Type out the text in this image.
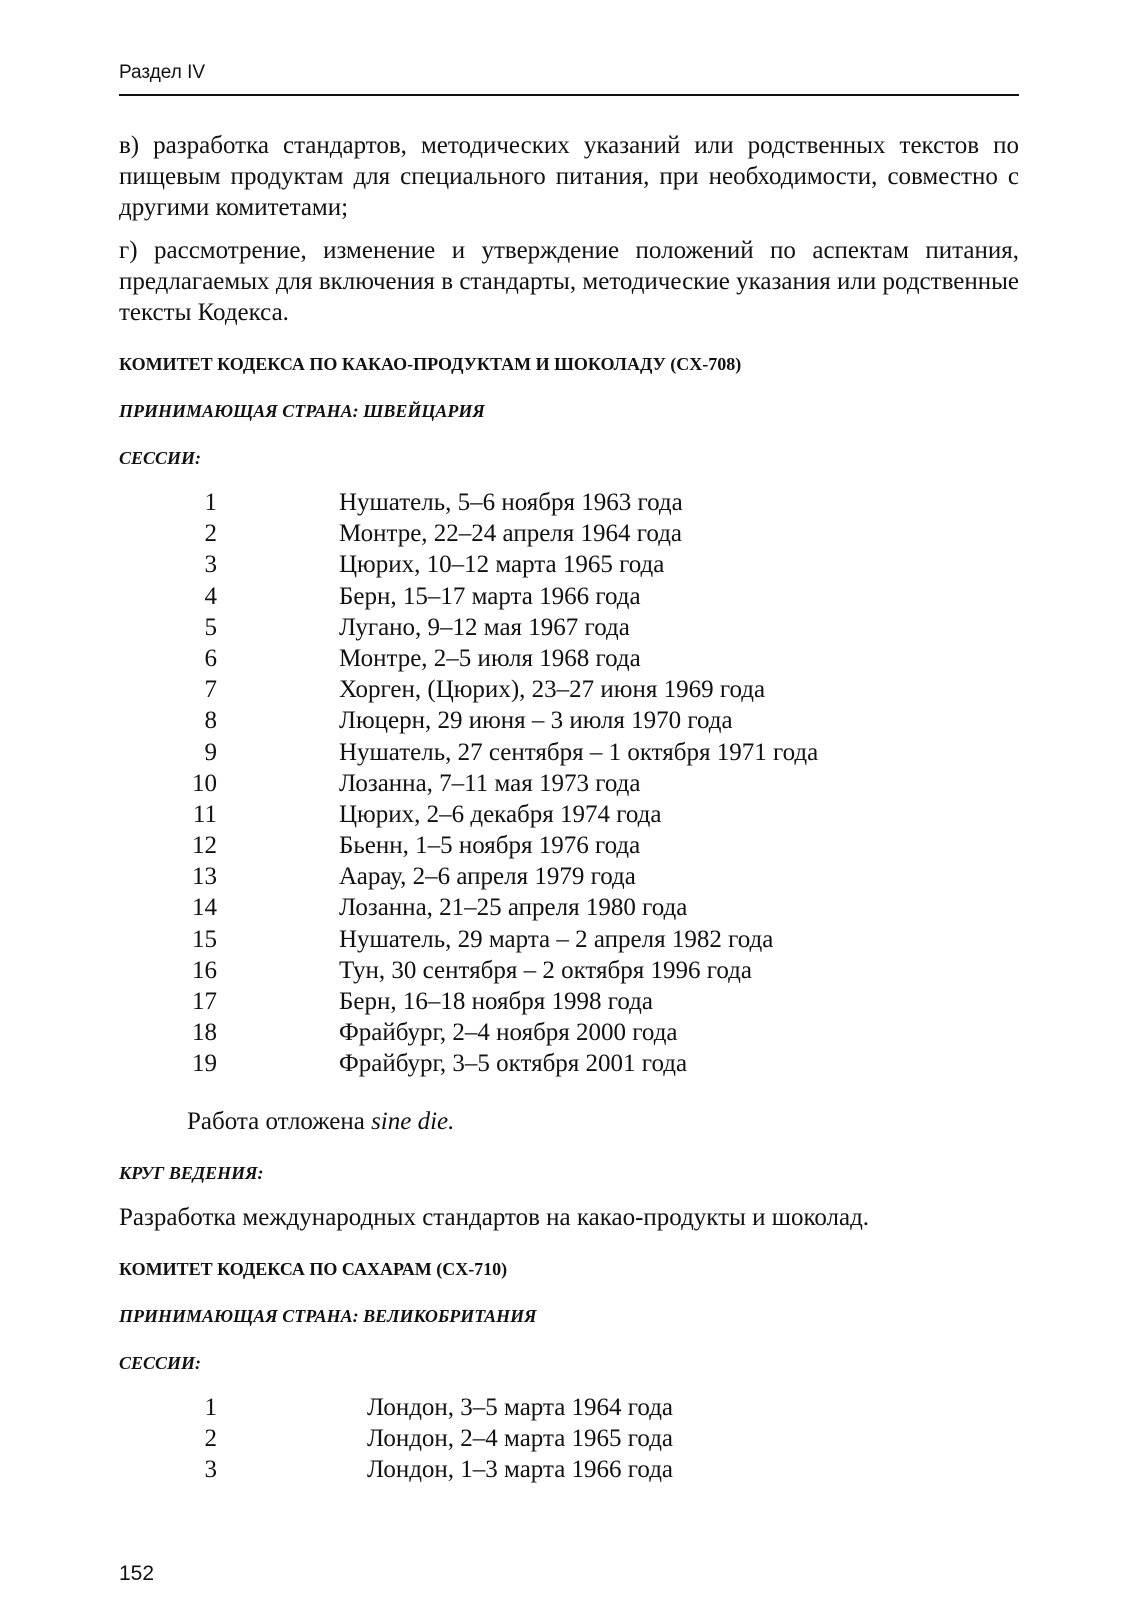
Раздел IV

в) разработка стандартов, методических указаний или родственных текстов по пищевым продуктам для специального питания, при необходимости, совместно с другими комитетами;

г) рассмотрение, изменение и утверждение положений по аспектам питания, предлагаемых для включения в стандарты, методические указания или родственные тексты Кодекса.

КОМИТЕТ КОДЕКСА ПО КАКАО-ПРОДУКТАМ И ШОКОЛАДУ (CX-708)
ПРИНИМАЮЩАЯ СТРАНА: ШВЕЙЦАРИЯ
СЕССИИ:
1	Нушатель, 5–6 ноября 1963 года
2	Монтре, 22–24 апреля 1964 года
3	Цюрих, 10–12 марта 1965 года
4	Берн, 15–17 марта 1966 года
5	Лугано, 9–12 мая 1967 года
6	Монтре, 2–5 июля 1968 года
7	Хорген, (Цюрих), 23–27 июня 1969 года
8	Люцерн, 29 июня – 3 июля 1970 года
9	Нушатель, 27 сентября – 1 октября 1971 года
10	Лозанна, 7–11 мая 1973 года
11	Цюрих, 2–6 декабря 1974 года
12	Бьенн, 1–5 ноября 1976 года
13	Аарау, 2–6 апреля 1979 года
14	Лозанна, 21–25 апреля 1980 года
15	Нушатель, 29 марта – 2 апреля 1982 года
16	Тун, 30 сентября – 2 октября 1996 года
17	Берн, 16–18 ноября 1998 года
18	Фрайбург, 2–4 ноября 2000 года
19	Фрайбург, 3–5 октября 2001 года
Работа отложена sine die.
КРУГ ВЕДЕНИЯ:

Разработка международных стандартов на какао-продукты и шоколад.

КОМИТЕТ КОДЕКСА ПО САХАРАМ (CX-710)
ПРИНИМАЮЩАЯ СТРАНА: ВЕЛИКОБРИТАНИЯ
СЕССИИ:
1	Лондон, 3–5 марта 1964 года
2	Лондон, 2–4 марта 1965 года
3	Лондон, 1–3 марта 1966 года
152
